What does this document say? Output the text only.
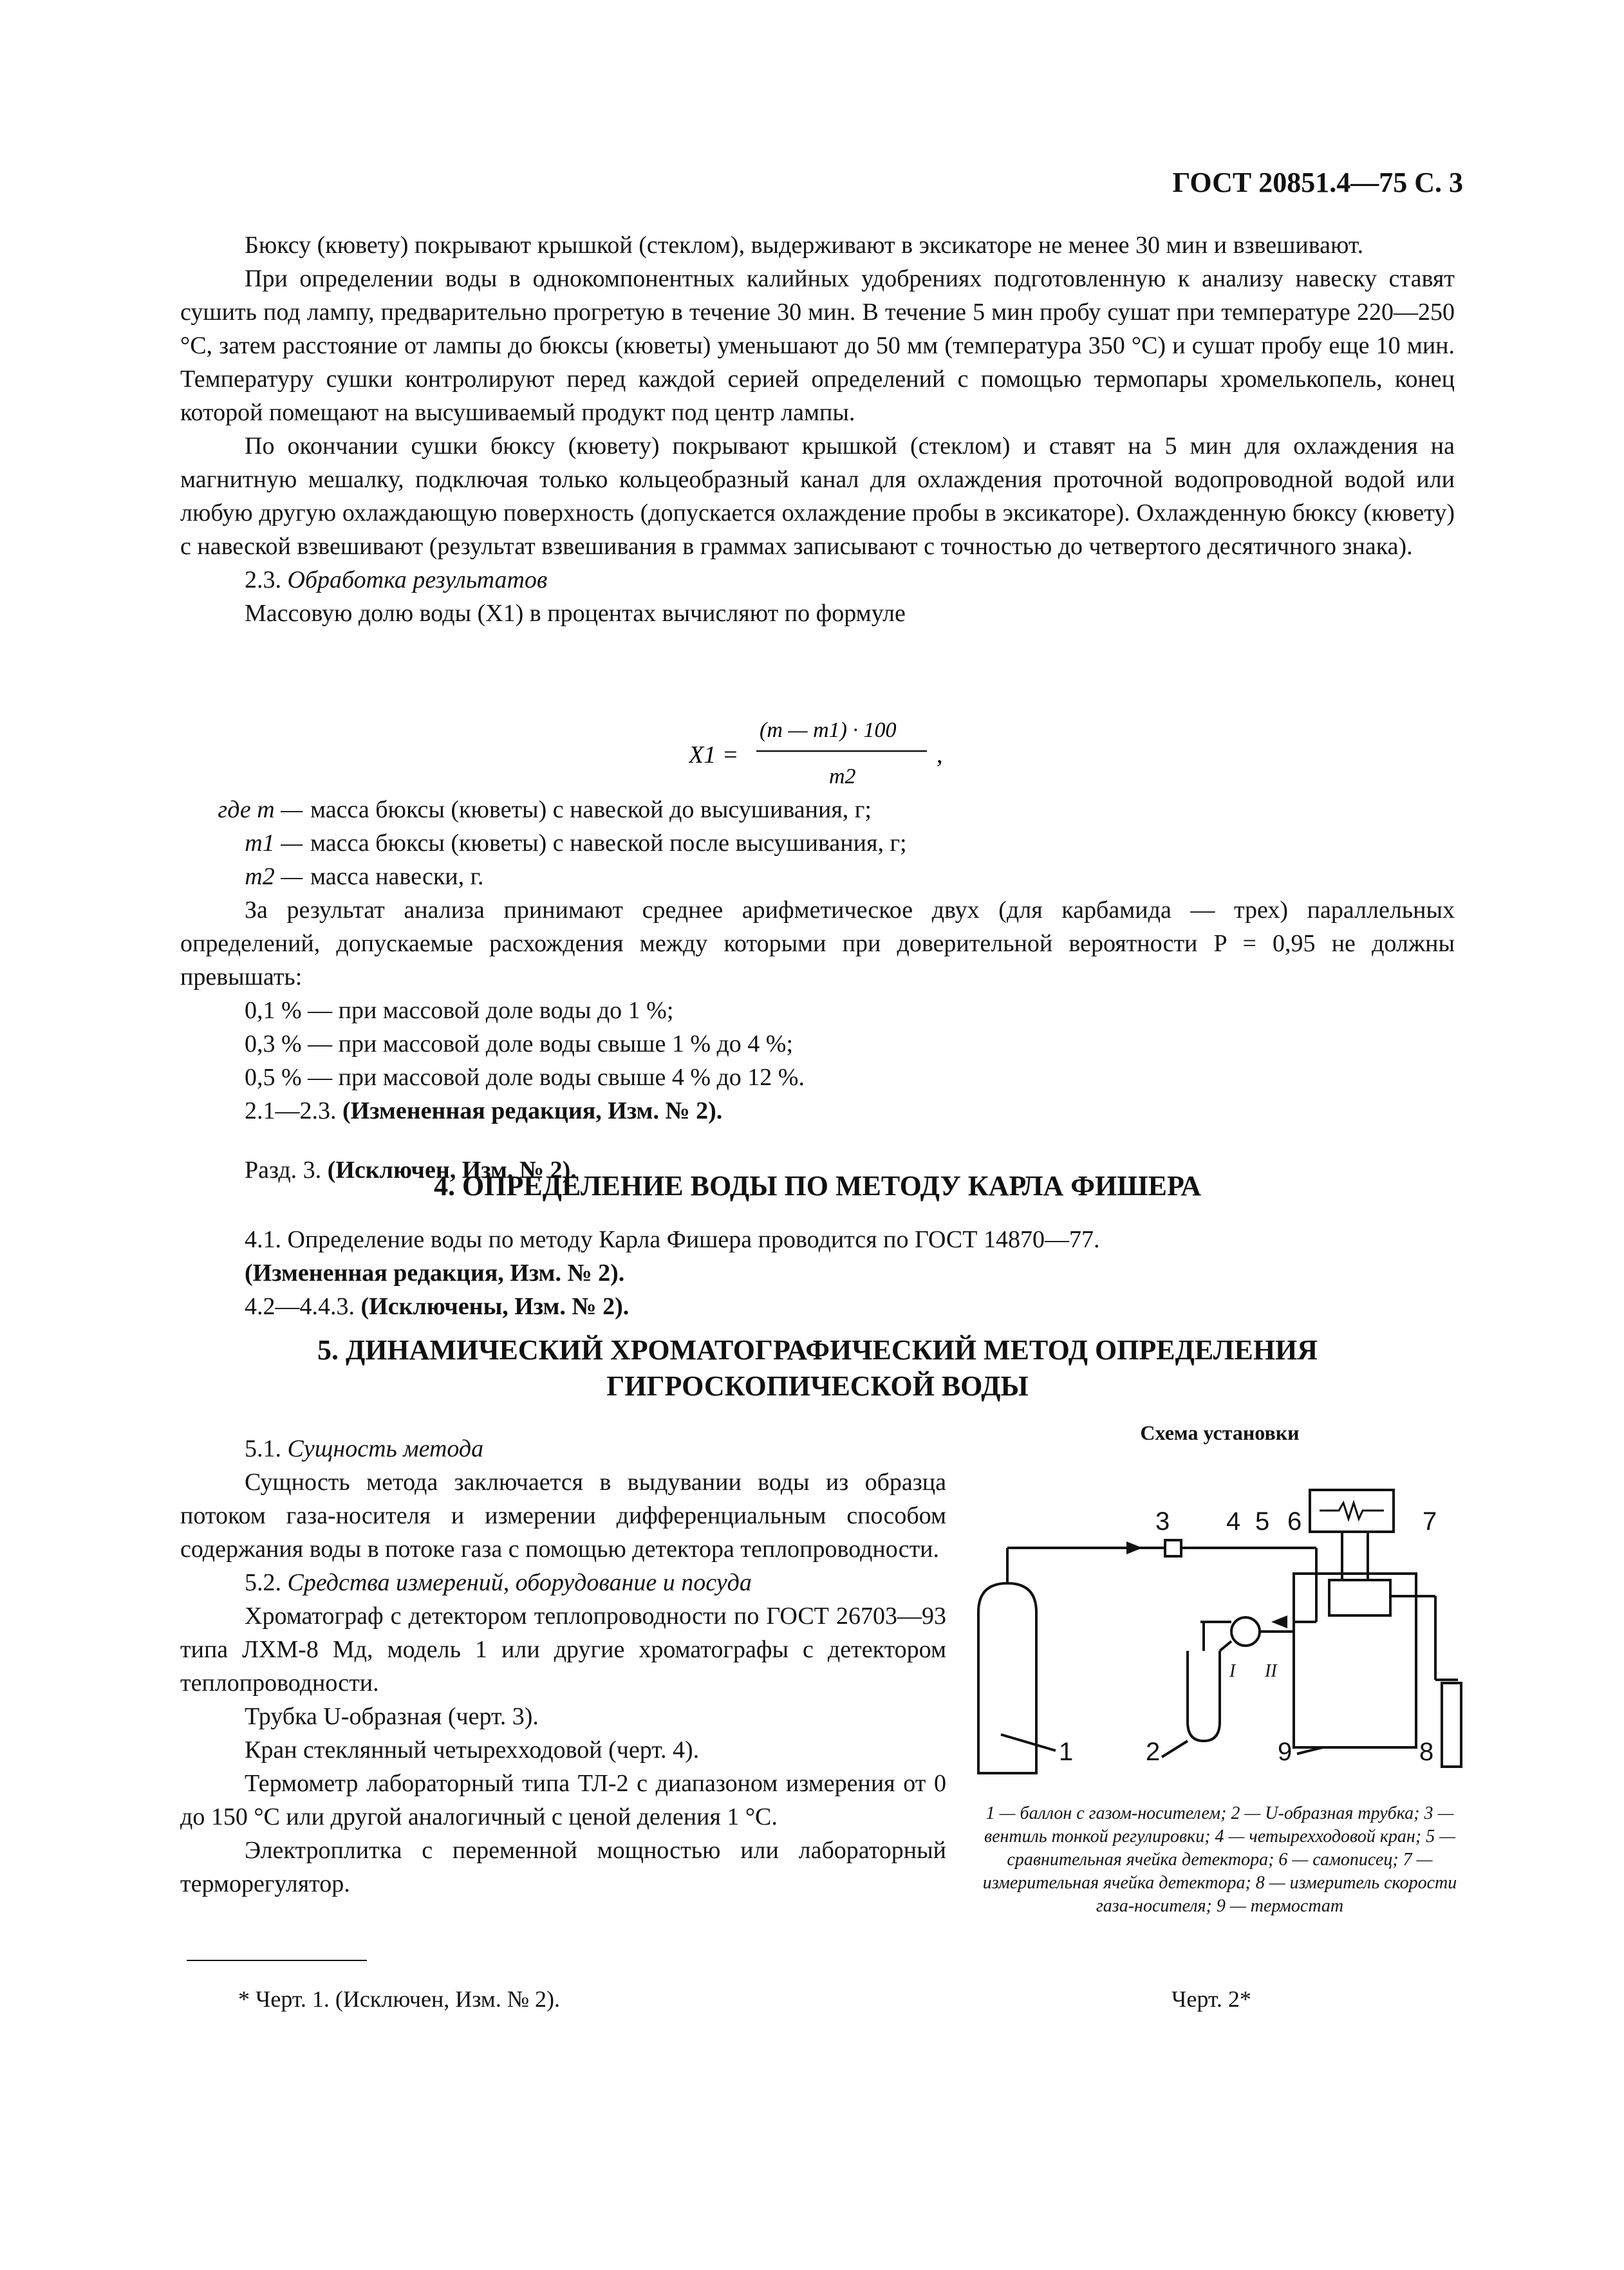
ГОСТ 20851.4—75 С. 3

Бюксу (кювету) покрывают крышкой (стеклом), выдерживают в эксикаторе не менее 30 мин и взвешивают.

При определении воды в однокомпонентных калийных удобрениях подготовленную к анализу навеску ставят сушить под лампу, предварительно прогретую в течение 30 мин. В течение 5 мин пробу сушат при температуре 220—250 °С, затем расстояние от лампы до бюксы (кюветы) уменьшают до 50 мм (температура 350 °С) и сушат пробу еще 10 мин. Температуру сушки контролируют перед каждой серией определений с помощью термопары хромелькопель, конец которой помещают на высушиваемый продукт под центр лампы.

По окончании сушки бюксу (кювету) покрывают крышкой (стеклом) и ставят на 5 мин для охлаждения на магнитную мешалку, подключая только кольцеобразный канал для охлаждения проточной водопроводной водой или любую другую охлаждающую поверхность (допускается охлаждение пробы в эксикаторе). Охлажденную бюксу (кювету) с навеской взвешивают (результат взвешивания в граммах записывают с точностью до четвертого десятичного знака).

2.3. Обработка результатов

Массовую долю воды (X1) в процентах вычисляют по формуле

X1 =
(m — m1) · 100
m2
,
где m — масса бюксы (кюветы) с навеской до высушивания, г;
m1 — масса бюксы (кюветы) с навеской после высушивания, г;
m2 — масса навески, г.

За результат анализа принимают среднее арифметическое двух (для карбамида — трех) параллельных определений, допускаемые расхождения между которыми при доверительной вероятности P = 0,95 не должны превышать:

0,1 % — при массовой доле воды до 1 %;

0,3 % — при массовой доле воды свыше 1 % до 4 %;

0,5 % — при массовой доле воды свыше 4 % до 12 %.

2.1—2.3. (Измененная редакция, Изм. № 2).

Разд. 3. (Исключен, Изм. № 2).

4. ОПРЕДЕЛЕНИЕ ВОДЫ ПО МЕТОДУ КАРЛА ФИШЕРА

4.1. Определение воды по методу Карла Фишера проводится по ГОСТ 14870—77.

(Измененная редакция, Изм. № 2).

4.2—4.4.3. (Исключены, Изм. № 2).

5. ДИНАМИЧЕСКИЙ ХРОМАТОГРАФИЧЕСКИЙ МЕТОД ОПРЕДЕЛЕНИЯ
ГИГРОСКОПИЧЕСКОЙ ВОДЫ

5.1. Сущность метода

Сущность метода заключается в выдувании воды из образца потоком газа-носителя и измерении дифференциальным способом содержания воды в потоке газа с помощью детектора теплопроводности.

5.2. Средства измерений, оборудование и посуда

Хроматограф с детектором теплопроводности по ГОСТ 26703—93 типа ЛХМ-8 Мд, модель 1 или другие хроматографы с детектором теплопроводности.

Трубка U-образная (черт. 3).

Кран стеклянный четырехходовой (черт. 4).

Термометр лабораторный типа ТЛ-2 с диапазоном измерения от 0 до 150 °С или другой аналогичный с ценой деления 1 °С.

Электроплитка с переменной мощностью или лабораторный терморегулятор.

Схема установки
1	2
3 4 5 6	7
8
9
I II
1 — баллон с газом-носителем; 2 — U-образная трубка; 3 — вентиль тонкой регулировки; 4 — четырехходовой кран; 5 — сравнительная ячейка детектора; 6 — самописец; 7 — измерительная ячейка детектора; 8 — измеритель скорости газа-носителя; 9 — термостат
* Черт. 1. (Исключен, Изм. № 2).	Черт. 2*
